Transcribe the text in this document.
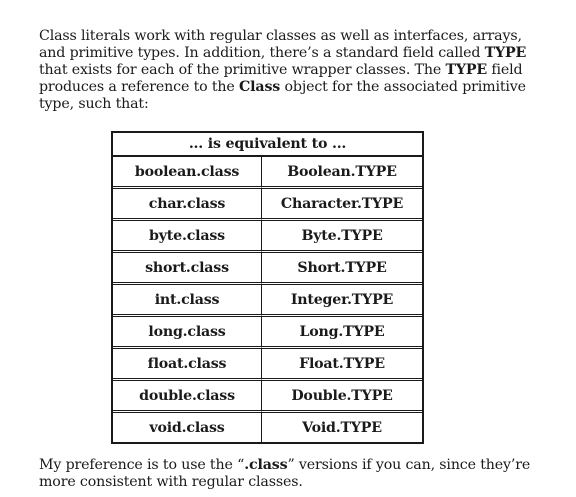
Class literals work with regular classes as well as interfaces, arrays, and primitive types. In addition, there’s a standard field called TYPE that exists for each of the primitive wrapper classes. The TYPE field produces a reference to the Class object for the associated primitive type, such that:

... is equivalent to ...	
boolean.class	Boolean.TYPE
char.class	Character.TYPE
byte.class	Byte.TYPE
short.class	Short.TYPE
int.class	Integer.TYPE
long.class	Long.TYPE
float.class	Float.TYPE
double.class	Double.TYPE
void.class	Void.TYPE

My preference is to use the “.class” versions if you can, since they’re more consistent with regular classes.
